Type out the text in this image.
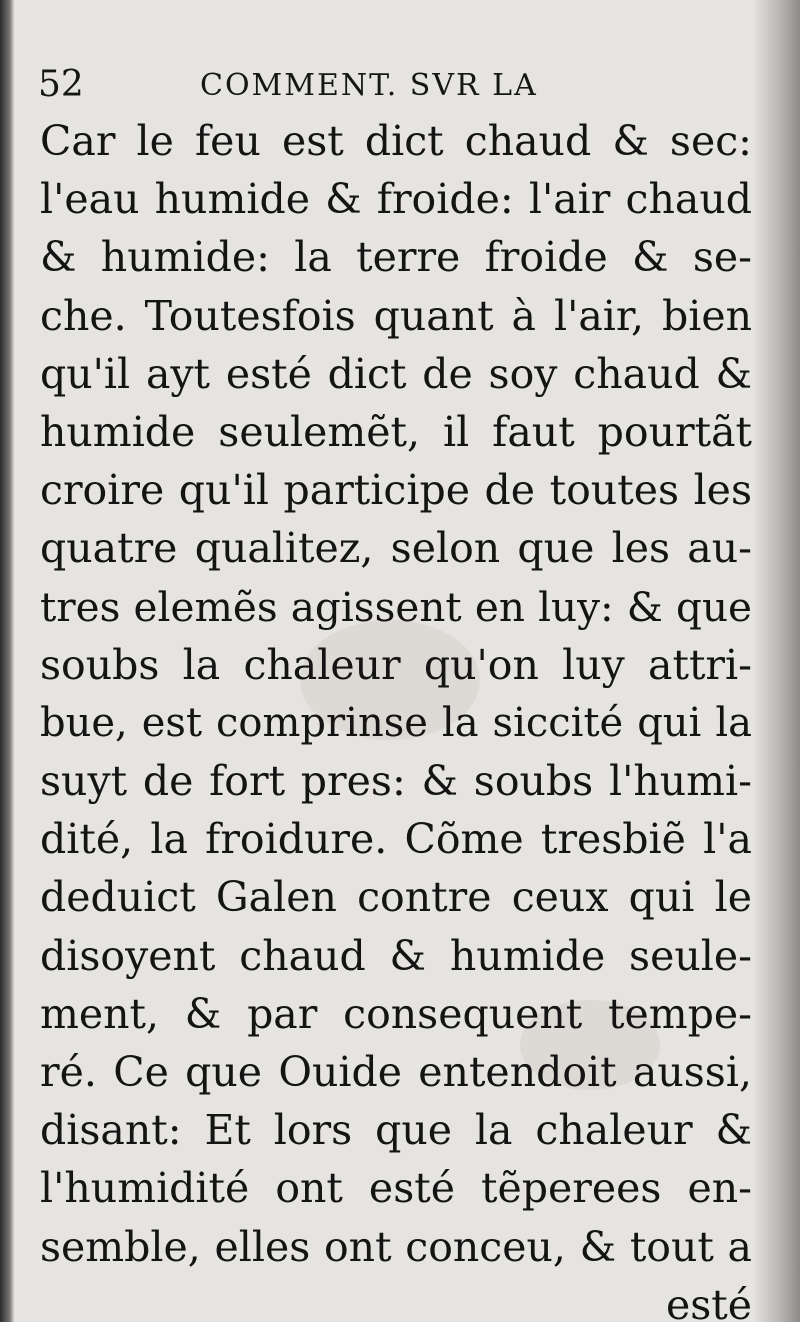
52	COMMENT. SVR LA
Car le feu est dict chaud & sec:
l'eau humide & froide: l'air chaud
& humide: la terre froide & se-
che. Toutesfois quant à l'air, bien
qu'il ayt esté dict de soy chaud &
humide seulemẽt, il faut pourtãt
croire qu'il participe de toutes les
quatre qualitez, selon que les au-
tres elemẽs agissent en luy: & que
soubs la chaleur qu'on luy attri-
bue, est comprinse la siccité qui la
suyt de fort pres: & soubs l'humi-
dité, la froidure. Cõme tresbiẽ l'a
deduict Galen contre ceux qui le
disoyent chaud & humide seule-
ment, & par consequent tempe-
ré. Ce que Ouide entendoit aussi,
disant: Et lors que la chaleur &
l'humidité ont esté tẽperees en-
semble, elles ont conceu, & tout a
esté
